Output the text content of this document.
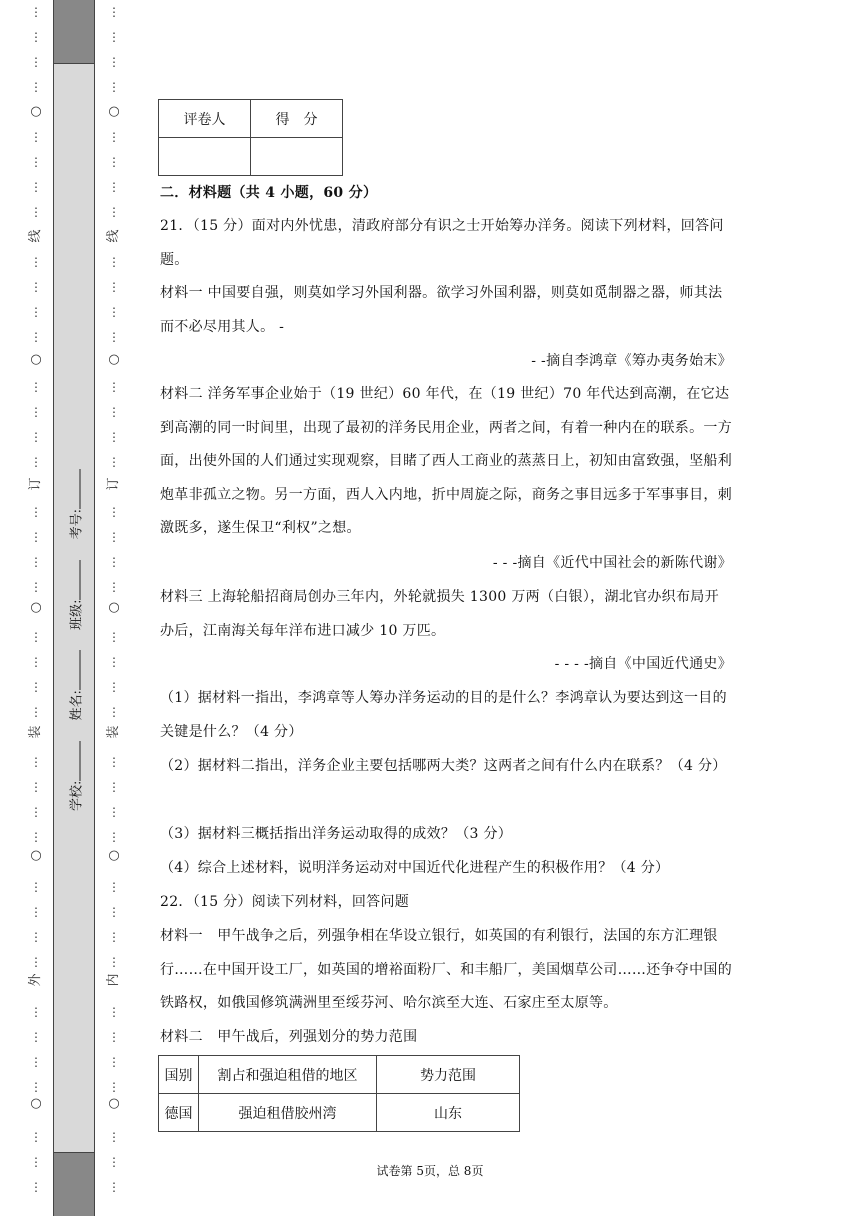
○
○
○
○
○
线
订
装
外
⋮
⋮
⋮
⋮
⋮
⋮
⋮
⋮
⋮
⋮
⋮
⋮
⋮
⋮
⋮
⋮
⋮
⋮
⋮
⋮
⋮
⋮
⋮
⋮
⋮
⋮
⋮
⋮
⋮
⋮
⋮
⋮
⋮
⋮
⋮
⋮
⋮
⋮
⋮
学校: 姓名: 班级: 考号:
○
○
○
○
○
线
订
装
内
⋮
⋮
⋮
⋮
⋮
⋮
⋮
⋮
⋮
⋮
⋮
⋮
⋮
⋮
⋮
⋮
⋮
⋮
⋮
⋮
⋮
⋮
⋮
⋮
⋮
⋮
⋮
⋮
⋮
⋮
⋮
⋮
⋮
⋮
⋮
⋮
⋮
⋮
⋮
评卷人	得　分

二．材料题（共 4 小题，60 分）
21．（15 分）面对内外忧患，清政府部分有识之士开始筹办洋务。阅读下列材料，回答问题。
材料一 中国要自强，则莫如学习外国利器。欲学习外国利器，则莫如觅制器之器，师其法而不必尽用其人。 -
- -摘自李鸿章《筹办夷务始末》
材料二 洋务军事企业始于（19 世纪）60 年代，在（19 世纪）70 年代达到高潮，在它达到高潮的同一时间里，出现了最初的洋务民用企业，两者之间，有着一种内在的联系。一方面，出使外国的人们通过实现观察，目睹了西人工商业的蒸蒸日上，初知由富致强，坚船利炮革非孤立之物。另一方面，西人入内地，折中周旋之际，商务之事目远多于军事事目，刺激既多，遂生保卫“利权”之想。
- - -摘自《近代中国社会的新陈代谢》
材料三 上海轮船招商局创办三年内，外轮就损失 1300 万两（白银），湖北官办织布局开办后，江南海关每年洋布进口减少 10 万匹。
- - - -摘自《中国近代通史》
（1）据材料一指出，李鸿章等人筹办洋务运动的目的是什么？李鸿章认为要达到这一目的关键是什么？（4 分）
（2）据材料二指出，洋务企业主要包括哪两大类？这两者之间有什么内在联系？（4 分）
（3）据材料三概括指出洋务运动取得的成效？（3 分）
（4）综合上述材料，说明洋务运动对中国近代化进程产生的积极作用？（4 分）
22．（15 分）阅读下列材料，回答问题
材料一　甲午战争之后，列强争相在华设立银行，如英国的有利银行，法国的东方汇理银行……在中国开设工厂，如英国的增裕面粉厂、和丰船厂，美国烟草公司……还争夺中国的铁路权，如俄国修筑满洲里至绥芬河、哈尔滨至大连、石家庄至太原等。
材料二　甲午战后，列强划分的势力范围
国别	割占和强迫租借的地区	势力范围
德国	强迫租借胶州湾	山东
试卷第 5页，总 8页
